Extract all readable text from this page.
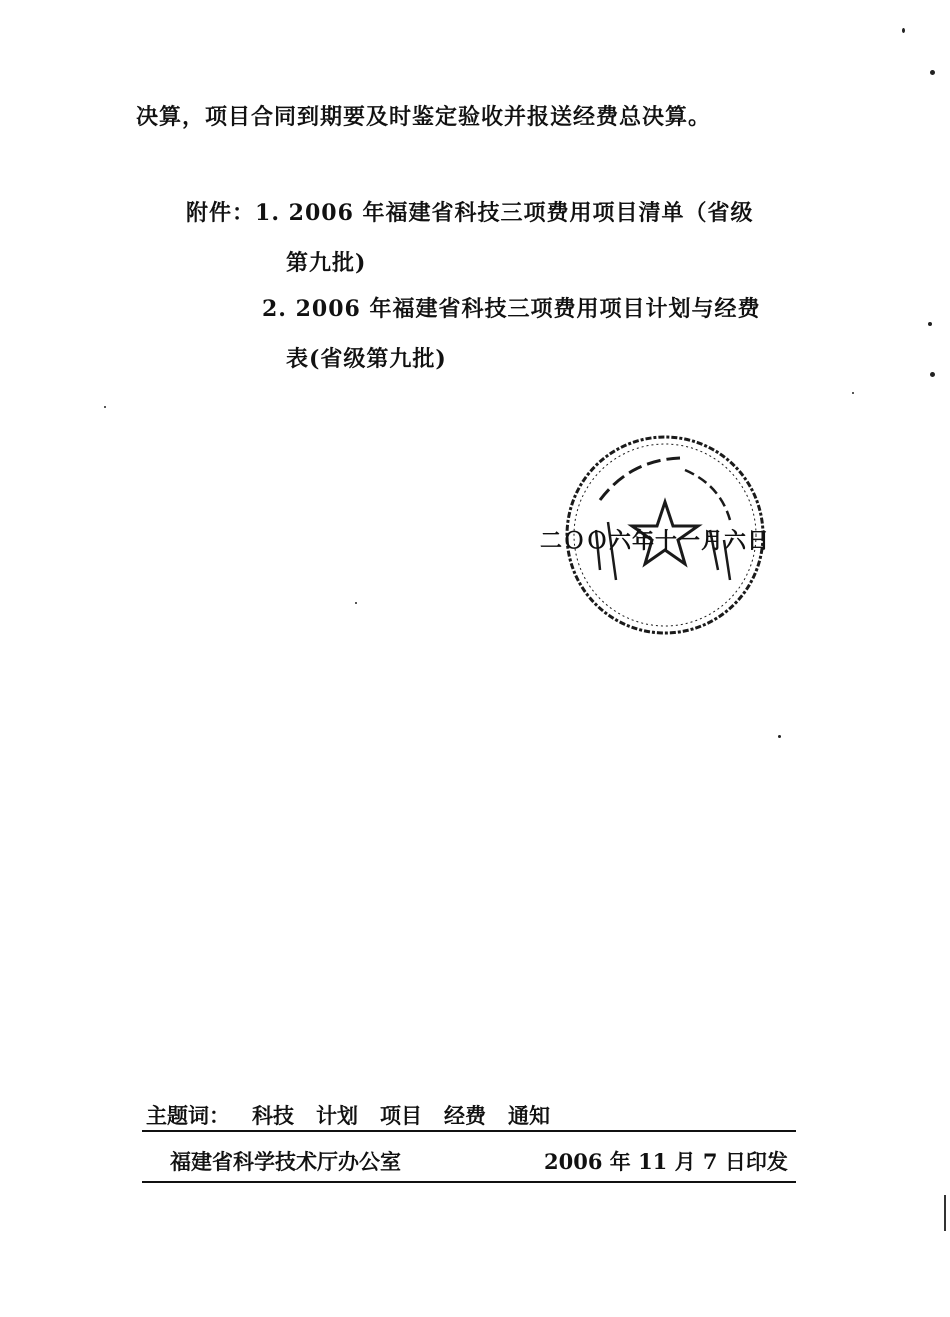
决算，项目合同到期要及时鉴定验收并报送经费总决算。
附件：1. 2006 年福建省科技三项费用项目清单（省级
第九批)
2. 2006 年福建省科技三项费用项目计划与经费
表(省级第九批)
二ＯＯ六年十一月六日
主题词： 科技 计划 项目 经费 通知
福建省科学技术厅办公室	2006 年 11 月 7 日印发
